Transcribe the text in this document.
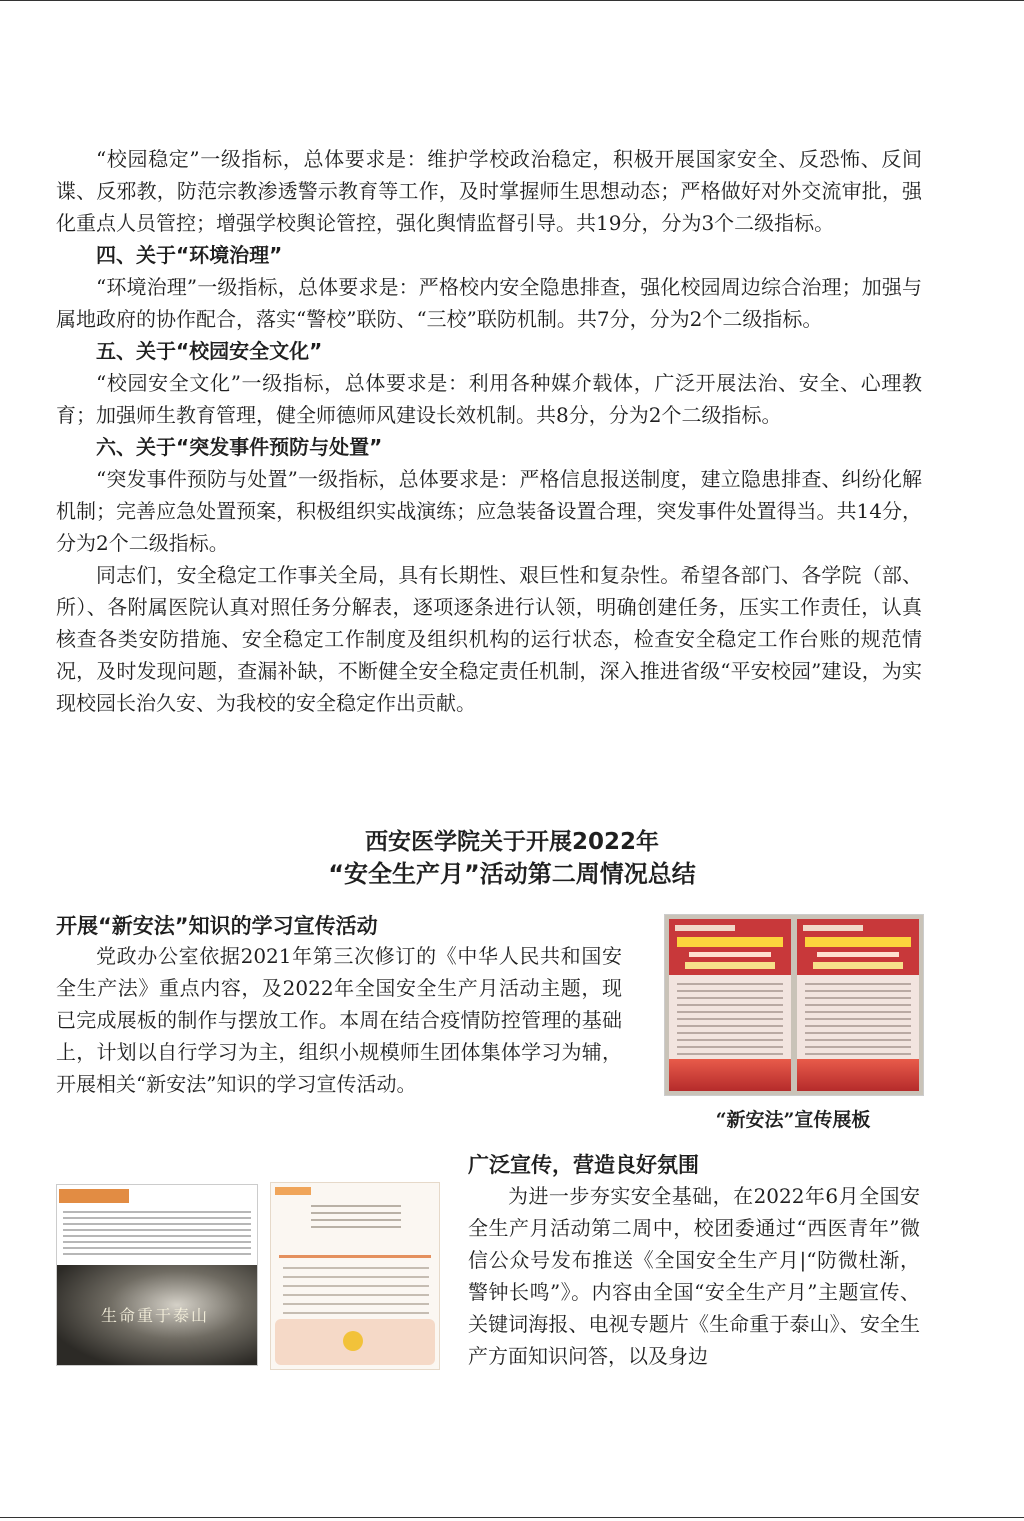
“校园稳定”一级指标，总体要求是：维护学校政治稳定，积极开展国家安全、反恐怖、反间谍、反邪教，防范宗教渗透警示教育等工作，及时掌握师生思想动态；严格做好对外交流审批，强化重点人员管控；增强学校舆论管控，强化舆情监督引导。共19分，分为3个二级指标。

四、关于“环境治理”

“环境治理”一级指标，总体要求是：严格校内安全隐患排查，强化校园周边综合治理；加强与属地政府的协作配合，落实“警校”联防、“三校”联防机制。共7分，分为2个二级指标。

五、关于“校园安全文化”

“校园安全文化”一级指标，总体要求是：利用各种媒介载体，广泛开展法治、安全、心理教育；加强师生教育管理，健全师德师风建设长效机制。共8分，分为2个二级指标。

六、关于“突发事件预防与处置”

“突发事件预防与处置”一级指标，总体要求是：严格信息报送制度，建立隐患排查、纠纷化解机制；完善应急处置预案，积极组织实战演练；应急装备设置合理，突发事件处置得当。共14分，分为2个二级指标。

同志们，安全稳定工作事关全局，具有长期性、艰巨性和复杂性。希望各部门、各学院（部、所）、各附属医院认真对照任务分解表，逐项逐条进行认领，明确创建任务，压实工作责任，认真核查各类安防措施、安全稳定工作制度及组织机构的运行状态，检查安全稳定工作台账的规范情况，及时发现问题，查漏补缺，不断健全安全稳定责任机制，深入推进省级“平安校园”建设，为实现校园长治久安、为我校的安全稳定作出贡献。

西安医学院关于开展2022年
“安全生产月”活动第二周情况总结
开展“新安法”知识的学习宣传活动

党政办公室依据2021年第三次修订的《中华人民共和国安全生产法》重点内容，及2022年全国安全生产月活动主题，现已完成展板的制作与摆放工作。本周在结合疫情防控管理的基础上，计划以自行学习为主，组织小规模师生团体集体学习为辅，开展相关“新安法”知识的学习宣传活动。

“新安法”宣传展板
广泛宣传，营造良好氛围

为进一步夯实安全基础，在2022年6月全国安全生产月活动第二周中，校团委通过“西医青年”微信公众号发布推送《全国安全生产月|“防微杜渐，警钟长鸣”》。内容由全国“安全生产月”主题宣传、关键词海报、电视专题片《生命重于泰山》、安全生产方面知识问答，以及身边

生命重于泰山
